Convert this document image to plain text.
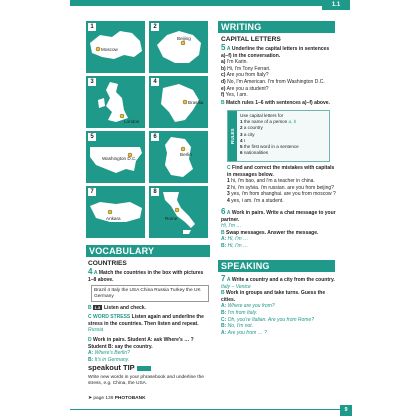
1.1
1
Moscow
2
Beijing
3
London
4
Brasília
5
Washington D.C.
6
Berlin
7
Ankara
8
Rome
VOCABULARY
COUNTRIES
4 A Match the countries in the box with pictures 1–8 above.
Brazil 4 Italy the USA China Russia Turkey the UK Germany
B 1.3 Listen and check.
C WORD STRESS Listen again and underline the stress in the countries. Then listen and repeat.
Russia
D Work in pairs. Student A: ask Where's … ? Student B: say the country.
A: Where's Berlin?
B: It's in Germany.
speakout TIP
Write new words in your phrasebook and underline the stress, e.g. China, the USA.
➤ page 139 PHOTOBANK
WRITING
CAPITAL LETTERS
5 A Underline the capital letters in sentences a)–f) in the conversation.
a) I'm Karin.
b) Hi, I'm Tony Ferrari.
c) Are you from Italy?
d) No, I'm American. I'm from Washington D.C.
e) Are you a student?
f) Yes, I am.
B Match rules 1–6 with sentences a)–f) above.
RULES
Use capital letters for
1 the name of a person a, b
2 a country
3 a city
4 I
5 the first word in a sentence
6 nationalities
C Find and correct the mistakes with capitals in messages below.
1 hi, i'm bao, and i'm a teacher in china.
2 hi, i'm sylvia. i'm russian. are you from beijing?
3 yes, i'm from shanghai. are you from moscow ?
4 yes, i am. i'm a student.
6 A Work in pairs. Write a chat message to your partner.
Hi, I'm …
B Swap messages. Answer the message.
A: Hi, I'm …
B: Hi, I'm …
SPEAKING
7 A Write a country and a city from the country.
Italy – Venice
B Work in groups and take turns. Guess the cities.
A: Where are you from?
B: I'm from Italy.
C: Oh, you're Italian. Are you from Rome?
B: No, I'm not.
A: Are you from … ?
9
